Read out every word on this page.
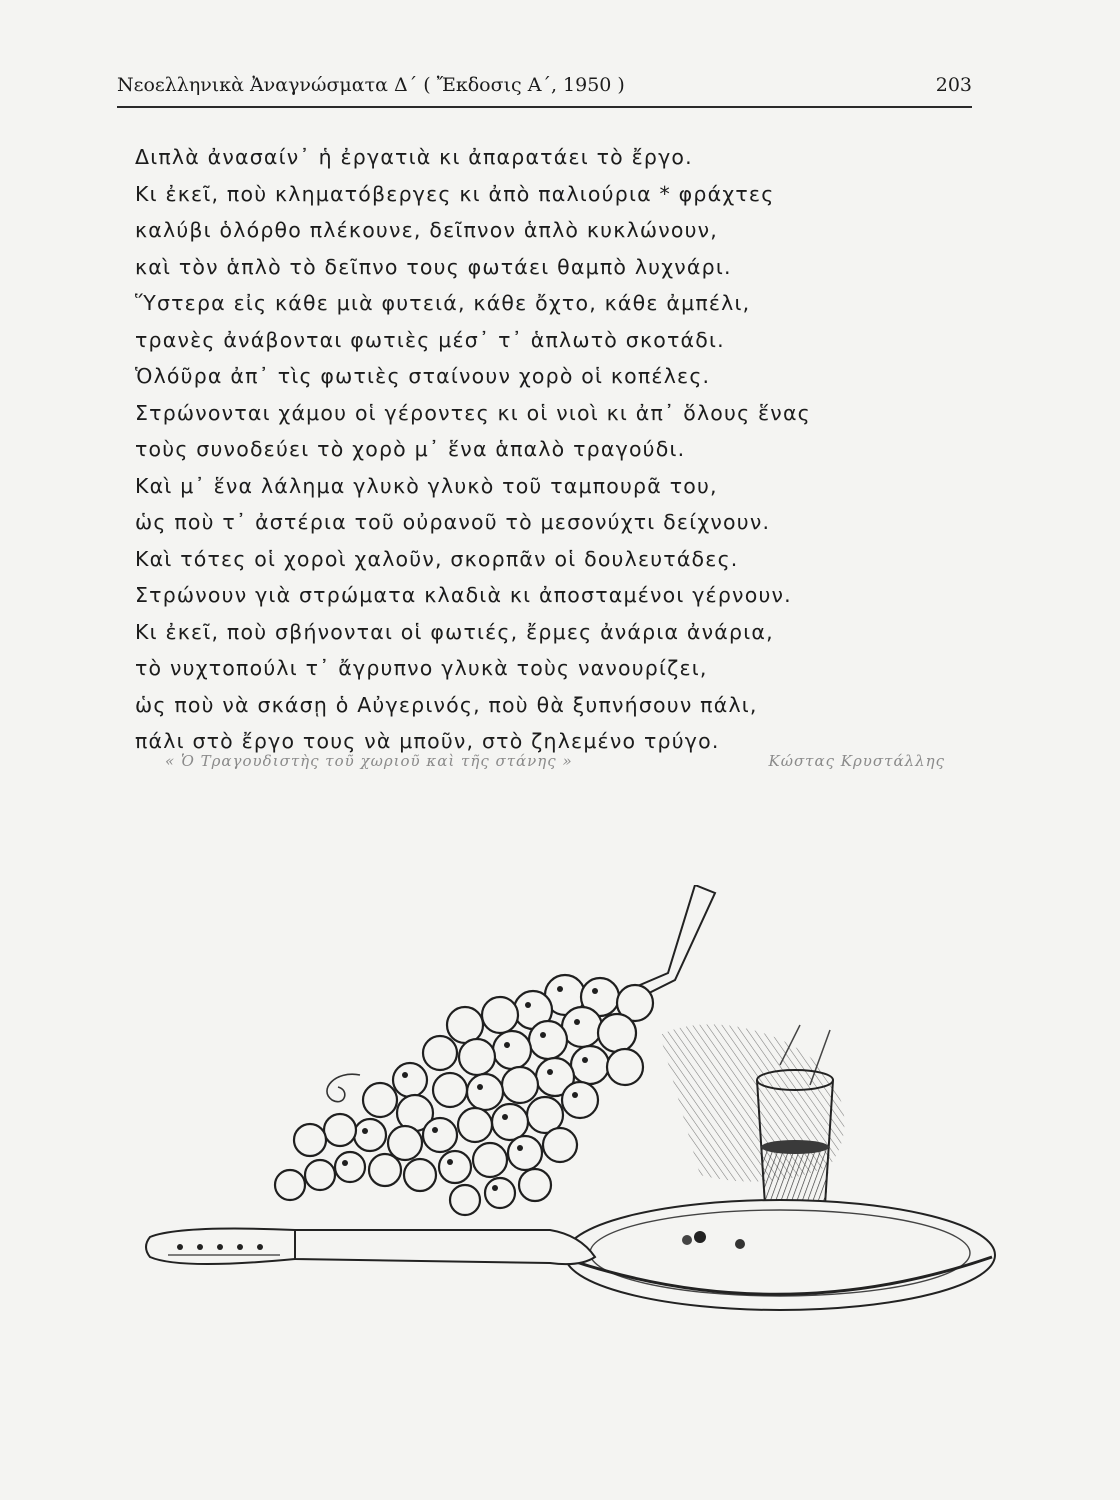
Νεοελληνικὰ Ἀναγνώσματα Δ΄ ( Ἔκδοσις Α΄, 1950 )	203
Διπλὰ ἀνασαίν᾽ ἡ ἐργατιὰ κι ἀπαρατάει τὸ ἔργο.
Κι ἐκεῖ, ποὺ κληματόβεργες κι ἀπὸ παλιούρια * φράχτες
καλύβι ὁλόρθο πλέκουνε, δεῖπνον ἁπλὸ κυκλώνουν,
καὶ τὸν ἁπλὸ τὸ δεῖπνο τους φωτάει θαμπὸ λυχνάρι.
Ὕστερα εἰς κάθε μιὰ φυτειά, κάθε ὄχτο, κάθε ἀμπέλι,
τρανὲς ἀνάβονται φωτιὲς μέσ᾽ τ᾽ ἁπλωτὸ σκοτάδι.
Ὁλόῦρα ἀπ᾽ τὶς φωτιὲς σταίνουν χορὸ οἱ κοπέλες.
Στρώνονται χάμου οἱ γέροντες κι οἱ νιοὶ κι ἀπ᾽ ὅλους ἕνας
τοὺς συνοδεύει τὸ χορὸ μ᾽ ἕνα ἁπαλὸ τραγούδι.
Καὶ μ᾽ ἕνα λάλημα γλυκὸ γλυκὸ τοῦ ταμπουρᾶ του,
ὡς ποὺ τ᾽ ἀστέρια τοῦ οὐρανοῦ τὸ μεσονύχτι δείχνουν.
Καὶ τότες οἱ χοροὶ χαλοῦν, σκορπᾶν οἱ δουλευτάδες.
Στρώνουν γιὰ στρώματα κλαδιὰ κι ἀποσταμένοι γέρνουν.
Κι ἐκεῖ, ποὺ σβήνονται οἱ φωτιές, ἔρμες ἀνάρια ἀνάρια,
τὸ νυχτοπούλι τ᾽ ἄγρυπνο γλυκὰ τοὺς νανουρίζει,
ὡς ποὺ νὰ σκάσῃ ὁ Αὐγερινός, ποὺ θὰ ξυπνήσουν πάλι,
πάλι στὸ ἔργο τους νὰ μποῦν, στὸ ζηλεμένο τρύγο.
« Ὁ Τραγουδιστὴς τοῦ χωριοῦ καὶ τῆς στάνης »	Κώστας Κρυστάλλης
